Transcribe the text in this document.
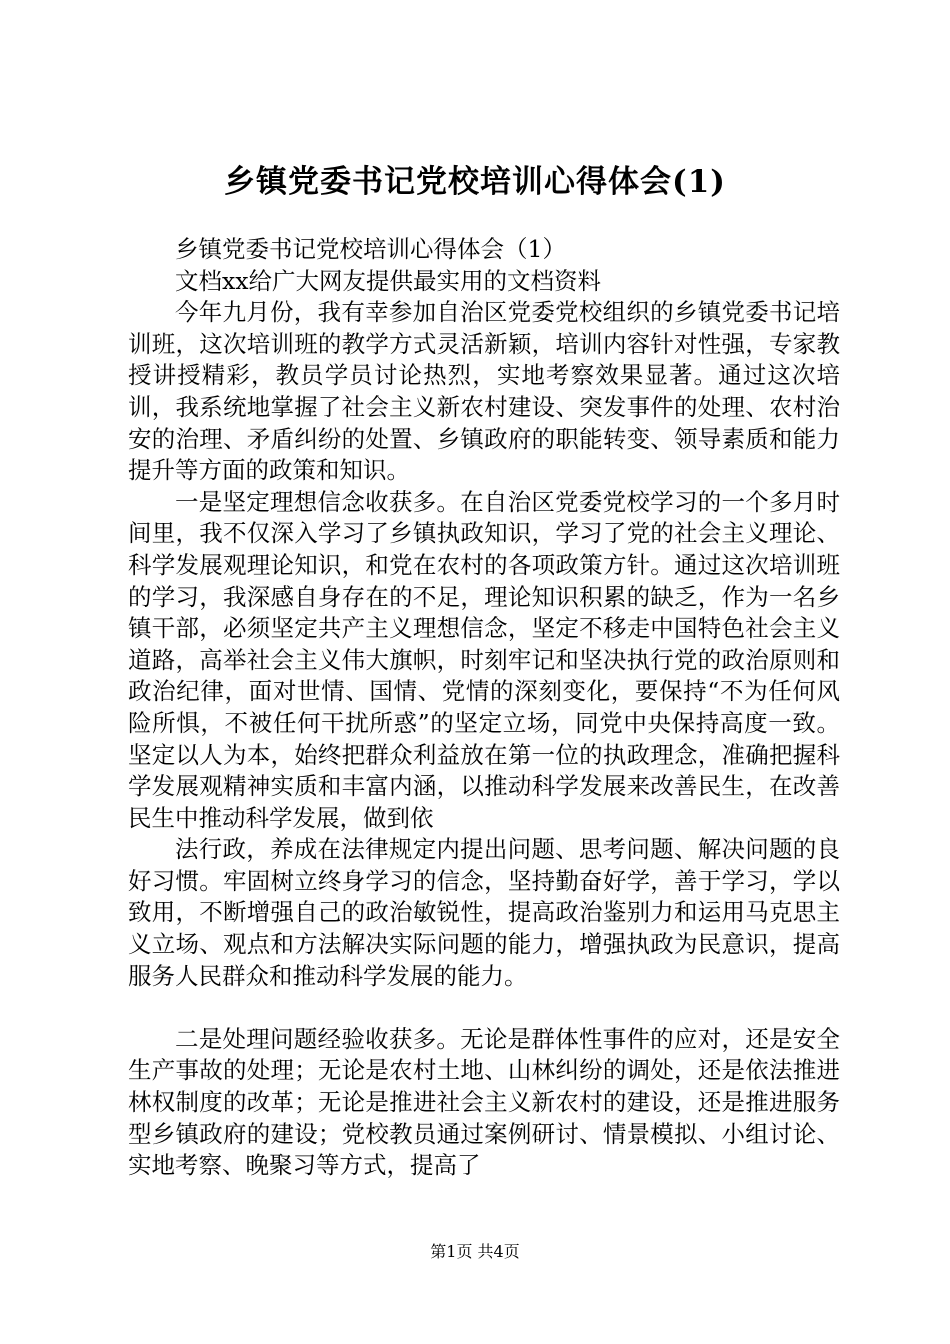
乡镇党委书记党校培训心得体会(1)

乡镇党委书记党校培训心得体会（1）

文档xx给广大网友提供最实用的文档资料

今年九月份，我有幸参加自治区党委党校组织的乡镇党委书记培训班，这次培训班的教学方式灵活新颖，培训内容针对性强，专家教授讲授精彩，教员学员讨论热烈，实地考察效果显著。通过这次培训，我系统地掌握了社会主义新农村建设、突发事件的处理、农村治安的治理、矛盾纠纷的处置、乡镇政府的职能转变、领导素质和能力提升等方面的政策和知识。

一是坚定理想信念收获多。在自治区党委党校学习的一个多月时间里，我不仅深入学习了乡镇执政知识，学习了党的社会主义理论、科学发展观理论知识，和党在农村的各项政策方针。通过这次培训班的学习，我深感自身存在的不足，理论知识积累的缺乏，作为一名乡镇干部，必须坚定共产主义理想信念，坚定不移走中国特色社会主义道路，高举社会主义伟大旗帜，时刻牢记和坚决执行党的政治原则和政治纪律，面对世情、国情、党情的深刻变化，要保持“不为任何风险所惧，不被任何干扰所惑”的坚定立场，同党中央保持高度一致。坚定以人为本，始终把群众利益放在第一位的执政理念，准确把握科学发展观精神实质和丰富内涵，以推动科学发展来改善民生，在改善民生中推动科学发展，做到依

法行政，养成在法律规定内提出问题、思考问题、解决问题的良好习惯。牢固树立终身学习的信念，坚持勤奋好学，善于学习，学以致用，不断增强自己的政治敏锐性，提高政治鉴别力和运用马克思主义立场、观点和方法解决实际问题的能力，增强执政为民意识，提高服务人民群众和推动科学发展的能力。

二是处理问题经验收获多。无论是群体性事件的应对，还是安全生产事故的处理；无论是农村土地、山林纠纷的调处，还是依法推进林权制度的改革；无论是推进社会主义新农村的建设，还是推进服务型乡镇政府的建设；党校教员通过案例研讨、情景模拟、小组讨论、实地考察、晚聚习等方式，提高了

第1页 共4页
